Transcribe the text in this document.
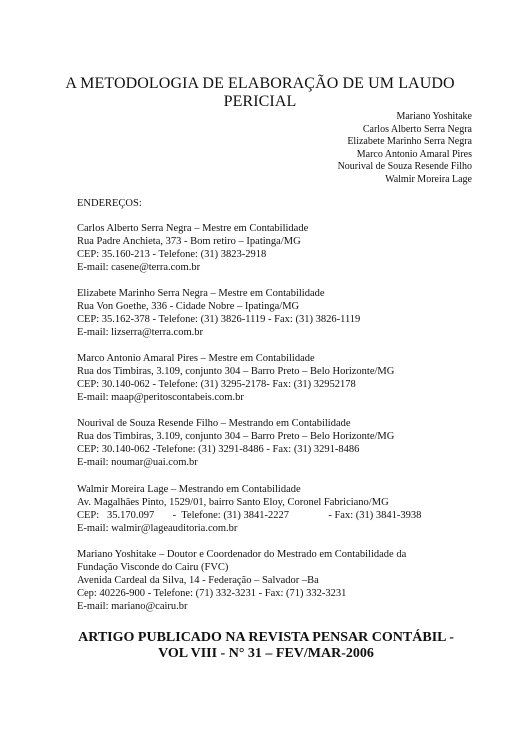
A METODOLOGIA DE ELABORAÇÃO DE UM LAUDO
PERICIAL
Mariano Yoshitake
Carlos Alberto Serra Negra
Elizabete Marinho Serra Negra
Marco Antonio Amaral Pires
Nourival de Souza Resende Filho
Walmir Moreira Lage
ENDEREÇOS:
Carlos Alberto Serra Negra – Mestre em Contabilidade
Rua Padre Anchieta, 373 - Bom retiro – Ipatinga/MG
CEP: 35.160-213 - Telefone: (31) 3823-2918
E-mail: casene@terra.com.br
Elizabete Marinho Serra Negra – Mestre em Contabilidade
Rua Von Goethe, 336 - Cidade Nobre – Ipatinga/MG
CEP: 35.162-378 - Telefone: (31) 3826-1119 - Fax: (31) 3826-1119
E-mail: lizserra@terra.com.br
Marco Antonio Amaral Pires – Mestre em Contabilidade
Rua dos Timbiras, 3.109, conjunto 304 – Barro Preto – Belo Horizonte/MG
CEP: 30.140-062 - Telefone: (31) 3295-2178- Fax: (31) 32952178
E-mail: maap@peritoscontabeis.com.br
Nourival de Souza Resende Filho – Mestrando em Contabilidade
Rua dos Timbiras, 3.109, conjunto 304 – Barro Preto – Belo Horizonte/MG
CEP: 30.140-062 -Telefone: (31) 3291-8486 - Fax: (31) 3291-8486
E-mail: noumar@uai.com.br
Walmir Moreira Lage – Mestrando em Contabilidade
Av. Magalhães Pinto, 1529/01, bairro Santo Eloy, Coronel Fabriciano/MG
CEP:   35.170.097       -  Telefone: (31) 3841-2227               - Fax: (31) 3841-3938
E-mail: walmir@lageauditoria.com.br
Mariano Yoshitake – Doutor e Coordenador do Mestrado em Contabilidade da
Fundação Visconde do Cairu (FVC)
Avenida Cardeal da Silva, 14 - Federação – Salvador –Ba
Cep: 40226-900 - Telefone: (71) 332-3231 - Fax: (71) 332-3231
E-mail: mariano@cairu.br
ARTIGO PUBLICADO NA REVISTA PENSAR CONTÁBIL -
VOL VIII - N° 31 – FEV/MAR-2006
